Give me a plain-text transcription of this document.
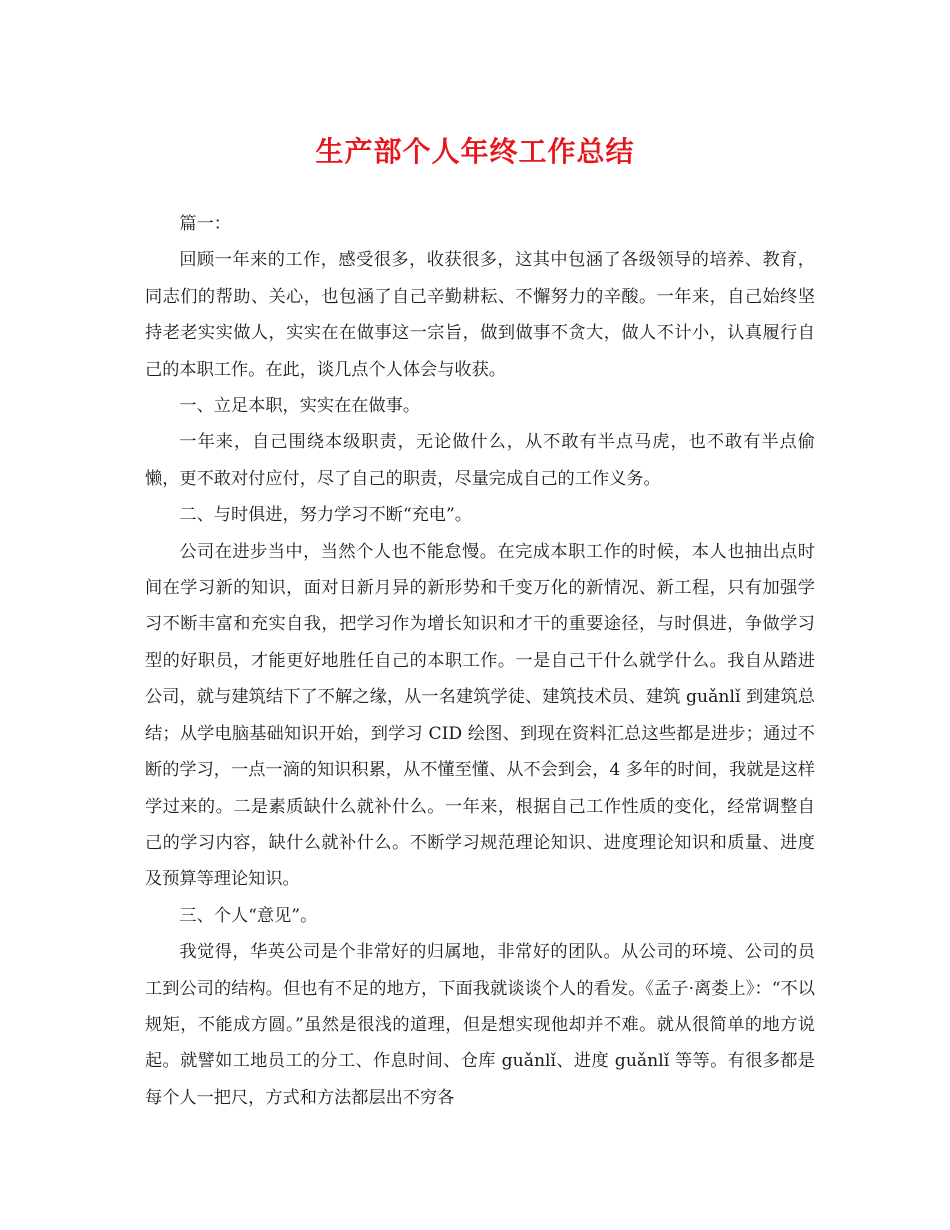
生产部个人年终工作总结

篇一：

回顾一年来的工作，感受很多，收获很多，这其中包涵了各级领导的培养、教育，同志们的帮助、关心，也包涵了自己辛勤耕耘、不懈努力的辛酸。一年来，自己始终坚持老老实实做人，实实在在做事这一宗旨，做到做事不贪大，做人不计小，认真履行自己的本职工作。在此，谈几点个人体会与收获。

一、立足本职，实实在在做事。

一年来，自己围绕本级职责，无论做什么，从不敢有半点马虎，也不敢有半点偷懒，更不敢对付应付，尽了自己的职责，尽量完成自己的工作义务。

二、与时俱进，努力学习不断“充电”。

公司在进步当中，当然个人也不能怠慢。在完成本职工作的时候，本人也抽出点时间在学习新的知识，面对日新月异的新形势和千变万化的新情况、新工程，只有加强学习不断丰富和充实自我，把学习作为增长知识和才干的重要途径，与时俱进，争做学习型的好职员，才能更好地胜任自己的本职工作。一是自己干什么就学什么。我自从踏进公司，就与建筑结下了不解之缘，从一名建筑学徒、建筑技术员、建筑 guǎnlǐ 到建筑总结；从学电脑基础知识开始，到学习 CID 绘图、到现在资料汇总这些都是进步；通过不断的学习，一点一滴的知识积累，从不懂至懂、从不会到会，4 多年的时间，我就是这样学过来的。二是素质缺什么就补什么。一年来，根据自己工作性质的变化，经常调整自己的学习内容，缺什么就补什么。不断学习规范理论知识、进度理论知识和质量、进度及预算等理论知识。

三、个人“意见”。

我觉得，华英公司是个非常好的归属地，非常好的团队。从公司的环境、公司的员工到公司的结构。但也有不足的地方，下面我就谈谈个人的看发。《孟子·离娄上》：“不以规矩，不能成方圆。”虽然是很浅的道理，但是想实现他却并不难。就从很简单的地方说起。就譬如工地员工的分工、作息时间、仓库 guǎnlǐ、进度 guǎnlǐ 等等。有很多都是每个人一把尺，方式和方法都层出不穷各
